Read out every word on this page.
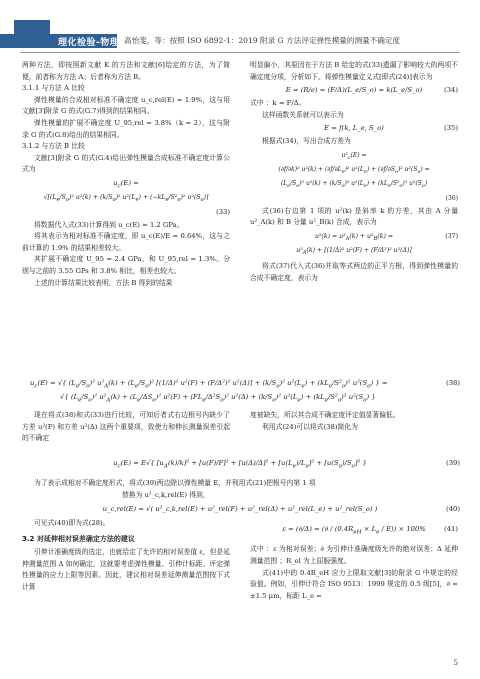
理化检验-物理分册
高怡斐，等：按照 ISO 6892-1：2019 附录 G 方法评定弹性模量的测量不确定度

两种方法，即按照新文献 K 的方法和文献[6]给定的方法，为了简便，前者称为方法 A；后者称为方法 B。

3.1.1 与方法 A 比较

弹性模量的合成相对标准不确定度 u_c,rel(E) = 1.9%，这与用文献[3]附录 G 的式(G.7)得到的结果相同。

弹性模量的扩展不确定度 U_95,rel = 3.8%（k = 2），这与附录 G 的式(G.8)给出的结果相同。

3.1.2 与方法 B 比较

文献[3]附录 G 的式(G.4)给出弹性模量合成标准不确定度计算公式为

$u_c(E)$ =
$√[(L_e/S_o)^2$ $u^2(k) + (k/S_o)^2$ $u^2(L_e) + (-kL_e/S^2_o)^2$ $u^2(S_o)$]
(33)

将数据代入式(33)计算得到 u_c(E) = 1.2 GPa。

将其表示为相对标准不确定度，即 u_c(E)/E = 0.64%，这与之前计算的 1.9% 的结果相差较大。

其扩展不确定度 U_95 = 2.4 GPa，和 U_95,rel = 1.3%。分别与之前的 3.55 GPs 和 3.8% 相比，相差也较大。

上述的计算结果比较表明，方法 B 得到的结果

明显偏小，其原因在于方法 B 给定的式(33)遗漏了影响较大的两项不确定度分项，分析如下。将弹性模量定义式[即式(24)]表示为

E = (R/e) = (F/Δ)(L_e/S_o) = k(L_e/S_o)	(34)

式中 ：k = F/Δ。

这样函数关系就可以表示为

E = f(k, L_e, S_o)	(35)

根据式(34)，写出合成方差为

$u^2_c(E)$ =
(∂f/∂k)² $u^2(k) + (\partial f/\partial L_e)^2$ $u^2(L_e) + (\partial f/\partial S_o)^2$ $u^2(S_o)$ =
$(L_e/S_o)^2$ $u^2(k) + (k/S_o)^2$ $u^2(L_e) + (kL_e/S^2_o)^2$ $u^2(S_o)$
(36)

式(36)右边第 1 项的 u²(k) 是斜率 k 的方差，其由 A 分量 u²_A(k) 和 B 分量 u²_B(k) 合成，表示为

$u^2(k) = u^2_A(k) + u^2_B(k)$ =
$u^2_A(k) + [(1/\Delta)^2$ u²(F) + (F/Δ²)² u²(Δ)]
(37)

将式(37)代入式(36)并取等式两边的正平方根，得到弹性模量的合成不确定度，表示为

$u_c(E)$ = √{ $(L_e/S_o)^2$ $u^2_A(k) + (L_e/S_o)^2$ [(1/Δ)² u²(F) + (F/Δ²)² $u^2(\Delta)] + (k/S_o)^2$ $u^2(L_e) + (kL_e/S^2_o)^2$ $u^2(S_o)$ } =
√{ $(L_e/S_o)^2$ $u^2_A(k) + (L_e/\Delta S_o)^2$ $u^2(F) + (FL_e/\Delta^2S_o)^2$ $u^2(\Delta) + (k/S_o)^2$ $u^2(L_e) + (kL_e/S^2_o)^2$ $u^2(S_o)$ }
(38)

现在将式(38)和式(33)进行比较，可知后者式右边根号内缺少了方差 u²(F) 和方差 u²(Δ) 这两个重要项，致使力和伸长测量误差引起的不确定

度被缺失，所以其合成不确定度评定值显著偏低。

利用式(24)可以将式(38)简化为

$u_c(E) = E√${ $[u_A(k)/k]^2 + [u(F)/F]^2 + [u(\Delta)/\Delta]^2 + [u(L_e)/L_e]^2 + [u(S_o)/S_o]^2$ }	(39)

为了表示成相对不确定度形式，将式(39)两边除以弹性模量 E，并利用式(21)把根号内第 1 项

替换为 u²_c,k,rel(E) 得到，

u_c,rel(E) = √( u²_c,k,rel(E) + u²_rel(F) + u²_rel(Δ) + u²_rel(L_e) + u²_rel(S_o) )	(40)

可见式(40)即为式(28)。

3.2 对延伸相对误差确定方法的建议

引伸计准确度级的选定，也就给定了允许的相对误差值 ε，但是延伸测量范围 Δ 如何确定，这就要考虑弹性模量、引伸计标距、评定弹性模量的应力上限等因素。因此，建议相对误差延伸测量范围按下式计算

ε = (∂/Δ) = (∂ / $(0.4R_{eH} \times L_e / E)) \times 100\%$	(41)

式中 ：ε 为相对误差；∂ 为引伸计准确度级允许的绝对误差；Δ 延伸测量范围 ；R_el 为上屈服强度。

式(41)中的 0.4R_eH 应力上限取文献[3]的附录 G 中规定的经验值。例如，引伸计符合 ISO 9513：1999 规定的 0.5 级[5]，∂ = ±1.5 μm，标距 L_e =

5
